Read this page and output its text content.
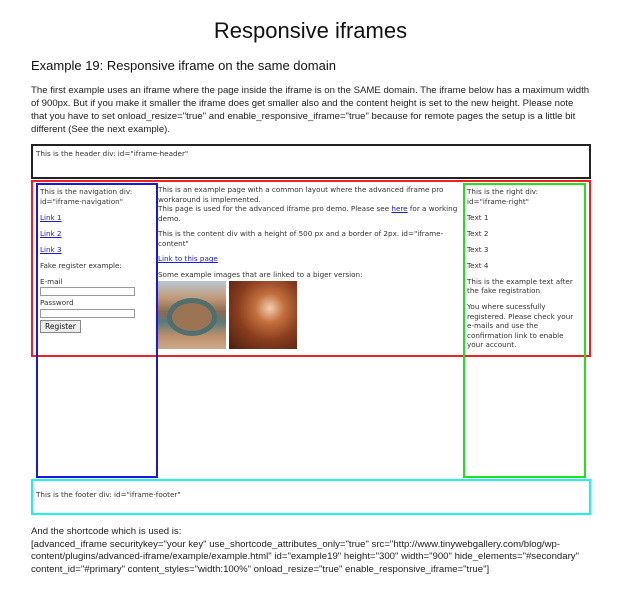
Responsive iframes
Example 19: Responsive iframe on the same domain
The first example uses an iframe where the page inside the iframe is on the SAME domain. The iframe below has a maximum width of 900px. But if you make it smaller the iframe does get smaller also and the content height is set to the new height. Please note that you have to set onload_resize="true" and enable_responsive_iframe="true" because for remote pages the setup is a little bit different (See the next example).
This is the header div: id="iframe-header"

This is the navigation div: id="iframe-navigation"

Link 1

Link 2

Link 3

Fake register example:

E-mail
Password
Register

This is an example page with a common layout where the advanced iframe pro workaround is implemented.
This page is used for the advanced iframe pro demo. Please see here for a working demo.

This is the content div with a height of 500 px and a border of 2px. id="iframe-content"

Link to this page

Some example images that are linked to a biger version:

This is the right div: id="iframe-right"

Text 1

Text 2

Text 3

Text 4

This is the example text after the fake registration

You where sucessfully registered. Please check your e-mails and use the confirmation link to enable your account.

This is the footer div: id="iframe-footer"
And the shortcode which is used is:
[advanced_iframe securitykey="your key" use_shortcode_attributes_only="true" src="http://www.tinywebgallery.com/blog/wp-content/plugins/advanced-iframe/example/example.html" id="example19" height="300" width="900" hide_elements="#secondary" content_id="#primary" content_styles="width:100%" onload_resize="true" enable_responsive_iframe="true"]
